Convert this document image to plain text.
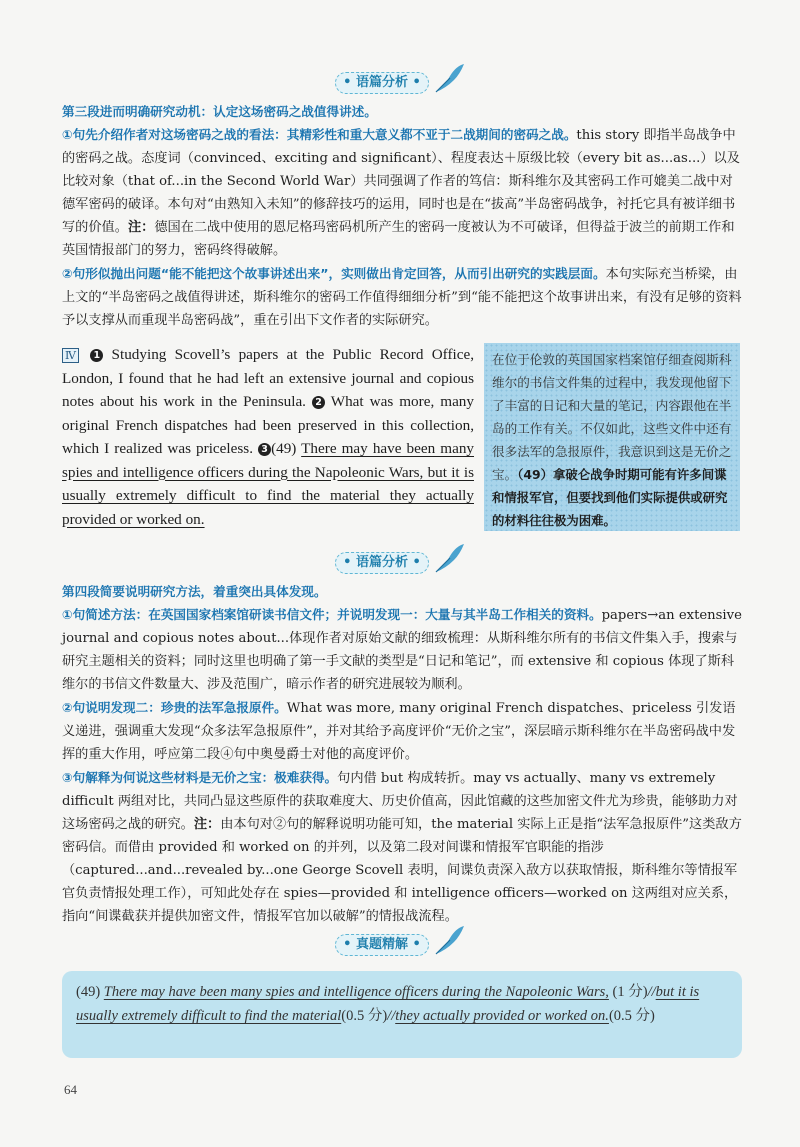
• 语篇分析 •
第三段进而明确研究动机：认定这场密码之战值得讲述。
①句先介绍作者对这场密码之战的看法：其精彩性和重大意义都不亚于二战期间的密码之战。this story 即指半岛战争中的密码之战。态度词（convinced、exciting and significant）、程度表达＋原级比较（every bit as...as...）以及比较对象（that of...in the Second World War）共同强调了作者的笃信：斯科维尔及其密码工作可媲美二战中对德军密码的破译。本句对“由熟知入未知”的修辞技巧的运用，同时也是在“拔高”半岛密码战争，衬托它具有被详细书写的价值。注：德国在二战中使用的恩尼格玛密码机所产生的密码一度被认为不可破译，但得益于波兰的前期工作和英国情报部门的努力，密码终得破解。
②句形似抛出问题“能不能把这个故事讲述出来”，实则做出肯定回答，从而引出研究的实践层面。本句实际充当桥梁，由上文的“半岛密码之战值得讲述，斯科维尔的密码工作值得细细分析”到“能不能把这个故事讲出来，有没有足够的资料予以支撑从而重现半岛密码战”，重在引出下文作者的实际研究。
Ⅳ 1 Studying Scovell’s papers at the Public Record Office, London, I found that he had left an extensive journal and copious notes about his work in the Peninsula. 2 What was more, many original French dispatches had been preserved in this collection, which I realized was priceless. 3 (49) There may have been many spies and intelligence officers during the Napoleonic Wars, but it is usually extremely difficult to find the material they actually provided or worked on.
在位于伦敦的英国国家档案馆仔细查阅斯科维尔的书信文件集的过程中，我发现他留下了丰富的日记和大量的笔记，内容跟他在半岛的工作有关。不仅如此，这些文件中还有很多法军的急报原件，我意识到这是无价之宝。（49）拿破仑战争时期可能有许多间谍和情报军官，但要找到他们实际提供或研究的材料往往极为困难。
• 语篇分析 •
第四段简要说明研究方法，着重突出具体发现。
①句简述方法：在英国国家档案馆研读书信文件；并说明发现一：大量与其半岛工作相关的资料。papers→an extensive journal and copious notes about...体现作者对原始文献的细致梳理：从斯科维尔所有的书信文件集入手，搜索与研究主题相关的资料；同时这里也明确了第一手文献的类型是“日记和笔记”，而 extensive 和 copious 体现了斯科维尔的书信文件数量大、涉及范围广，暗示作者的研究进展较为顺利。
②句说明发现二：珍贵的法军急报原件。What was more, many original French dispatches、priceless 引发语义递进，强调重大发现“众多法军急报原件”，并对其给予高度评价“无价之宝”，深层暗示斯科维尔在半岛密码战中发挥的重大作用，呼应第二段④句中奥曼爵士对他的高度评价。
③句解释为何说这些材料是无价之宝：极难获得。句内借 but 构成转折。may vs actually、many vs extremely difficult 两组对比，共同凸显这些原件的获取难度大、历史价值高，因此馆藏的这些加密文件尤为珍贵，能够助力对这场密码之战的研究。注：由本句对②句的解释说明功能可知，the material 实际上正是指“法军急报原件”这类敌方密码信。而借由 provided 和 worked on 的并列，以及第二段对间谍和情报军官职能的指涉（captured...and...revealed by...one George Scovell 表明，间谍负责深入敌方以获取情报，斯科维尔等情报军官负责情报处理工作），可知此处存在 spies—provided 和 intelligence officers—worked on 这两组对应关系，指向“间谍截获并提供加密文件，情报军官加以破解”的情报战流程。
• 真题精解 •
(49) There may have been many spies and intelligence officers during the Napoleonic Wars, (1 分)//but it is usually extremely difficult to find the material(0.5 分)//they actually provided or worked on.(0.5 分)
64
